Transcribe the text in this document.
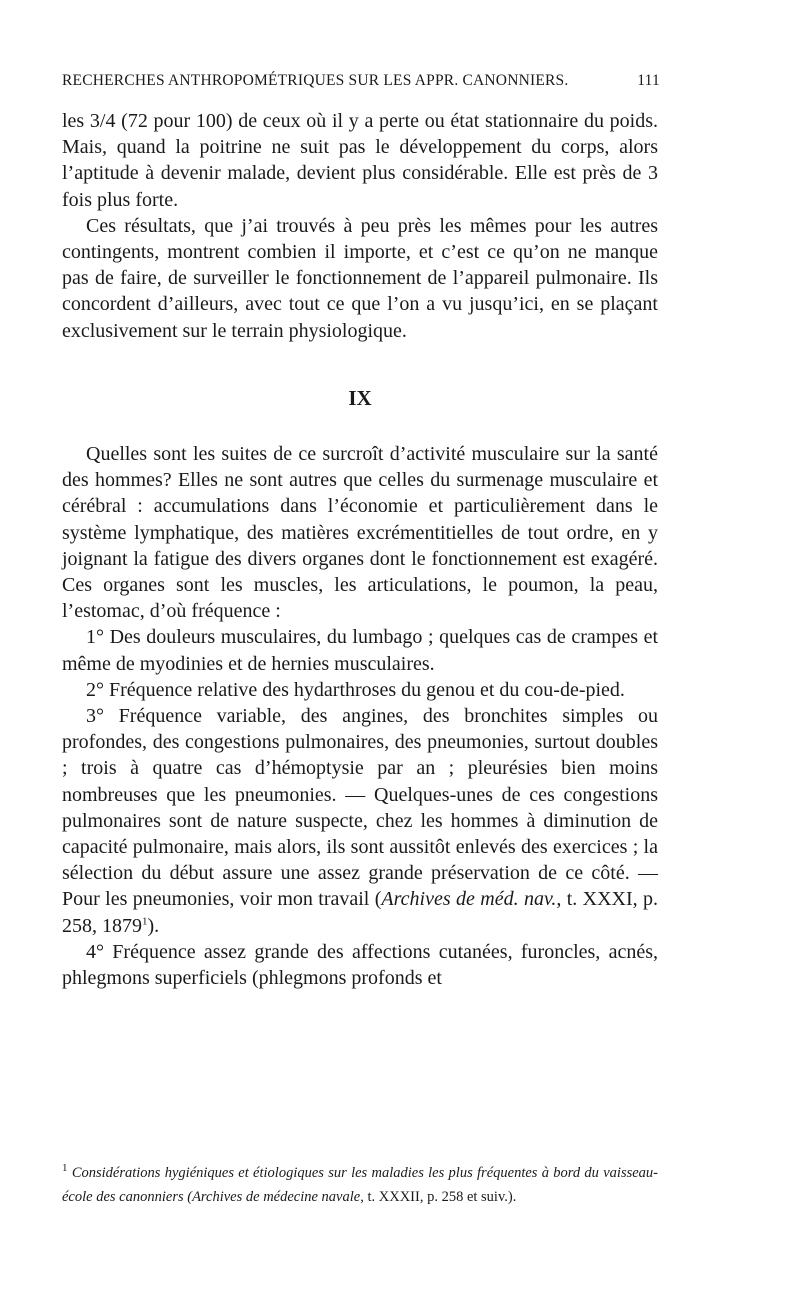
RECHERCHES ANTHROPOMÉTRIQUES SUR LES APPR. CANONNIERS.	111

les 3/4 (72 pour 100) de ceux où il y a perte ou état stationnaire du poids. Mais, quand la poitrine ne suit pas le développement du corps, alors l’aptitude à devenir malade, devient plus considérable. Elle est près de 3 fois plus forte.

Ces résultats, que j’ai trouvés à peu près les mêmes pour les autres contingents, montrent combien il importe, et c’est ce qu’on ne manque pas de faire, de surveiller le fonctionnement de l’appareil pulmonaire. Ils concordent d’ailleurs, avec tout ce que l’on a vu jusqu’ici, en se plaçant exclusivement sur le terrain physiologique.

IX

Quelles sont les suites de ce surcroît d’activité musculaire sur la santé des hommes? Elles ne sont autres que celles du surmenage musculaire et cérébral : accumulations dans l’économie et particulièrement dans le système lymphatique, des matières excrémentitielles de tout ordre, en y joignant la fatigue des divers organes dont le fonctionnement est exagéré. Ces organes sont les muscles, les articulations, le poumon, la peau, l’estomac, d’où fréquence :

1° Des douleurs musculaires, du lumbago ; quelques cas de crampes et même de myodinies et de hernies musculaires.

2° Fréquence relative des hydarthroses du genou et du cou-de-pied.

3° Fréquence variable, des angines, des bronchites simples ou profondes, des congestions pulmonaires, des pneumonies, surtout doubles ; trois à quatre cas d’hémoptysie par an ; pleurésies bien moins nombreuses que les pneumonies. — Quelques-unes de ces congestions pulmonaires sont de nature suspecte, chez les hommes à diminution de capacité pulmonaire, mais alors, ils sont aussitôt enlevés des exercices ; la sélection du début assure une assez grande préservation de ce côté. — Pour les pneumonies, voir mon travail (Archives de méd. nav., t. XXXI, p. 258, 1879$^1$).

4° Fréquence assez grande des affections cutanées, furoncles, acnés, phlegmons superficiels (phlegmons profonds et

$^1$ Considérations hygiéniques et étiologiques sur les maladies les plus fréquentes à bord du vaisseau-école des canonniers (Archives de médecine navale, t. XXXII, p. 258 et suiv.).
